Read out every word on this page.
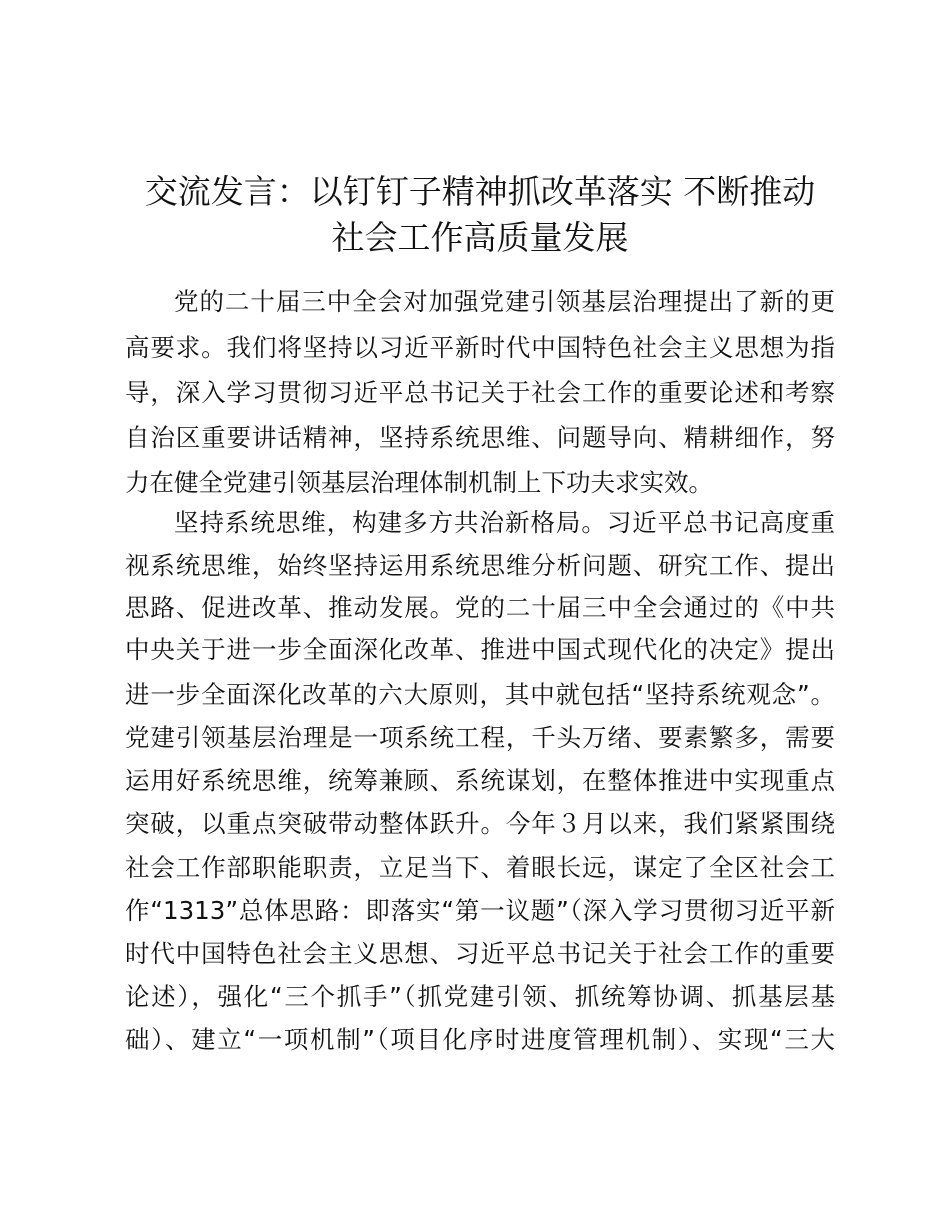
交流发言：以钉钉子精神抓改革落实 不断推动
社会工作高质量发展
党的二十届三中全会对加强党建引领基层治理提出了新的更
高要求。我们将坚持以习近平新时代中国特色社会主义思想为指
导，深入学习贯彻习近平总书记关于社会工作的重要论述和考察
自治区重要讲话精神，坚持系统思维、问题导向、精耕细作，努
力在健全党建引领基层治理体制机制上下功夫求实效。
坚持系统思维，构建多方共治新格局。习近平总书记高度重
视系统思维，始终坚持运用系统思维分析问题、研究工作、提出
思路、促进改革、推动发展。党的二十届三中全会通过的《中共
中央关于进一步全面深化改革、推进中国式现代化的决定》提出
进一步全面深化改革的六大原则，其中就包括“坚持系统观念”。
党建引领基层治理是一项系统工程，千头万绪、要素繁多，需要
运用好系统思维，统筹兼顾、系统谋划，在整体推进中实现重点
突破，以重点突破带动整体跃升。今年３月以来，我们紧紧围绕
社会工作部职能职责，立足当下、着眼长远，谋定了全区社会工
作“1313”总体思路：即落实“第一议题”（深入学习贯彻习近平新
时代中国特色社会主义思想、习近平总书记关于社会工作的重要
论述），强化“三个抓手”（抓党建引领、抓统筹协调、抓基层基
础）、建立“一项机制”（项目化序时进度管理机制）、实现“三大
